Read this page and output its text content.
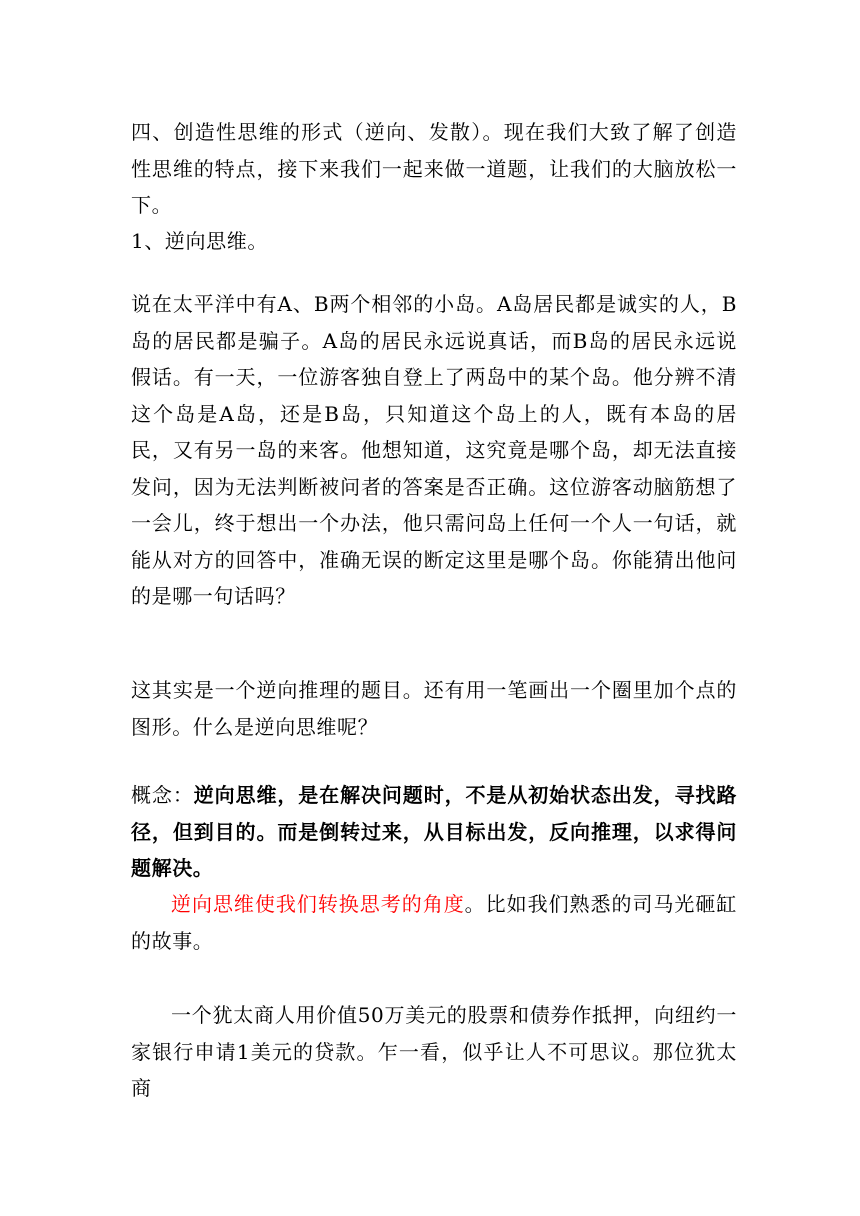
四、创造性思维的形式（逆向、发散）。现在我们大致了解了创造性思维的特点，接下来我们一起来做一道题，让我们的大脑放松一下。

1、逆向思维。

说在太平洋中有A、B两个相邻的小岛。A岛居民都是诚实的人，B岛的居民都是骗子。A岛的居民永远说真话，而B岛的居民永远说假话。有一天，一位游客独自登上了两岛中的某个岛。他分辨不清这个岛是A岛，还是B岛，只知道这个岛上的人，既有本岛的居民，又有另一岛的来客。他想知道，这究竟是哪个岛，却无法直接发问，因为无法判断被问者的答案是否正确。这位游客动脑筋想了一会儿，终于想出一个办法，他只需问岛上任何一个人一句话，就能从对方的回答中，准确无误的断定这里是哪个岛。你能猜出他问的是哪一句话吗？

这其实是一个逆向推理的题目。还有用一笔画出一个圈里加个点的图形。什么是逆向思维呢？

概念：逆向思维，是在解决问题时，不是从初始状态出发，寻找路径，但到目的。而是倒转过来，从目标出发，反向推理，以求得问题解决。

逆向思维使我们转换思考的角度。比如我们熟悉的司马光砸缸的故事。

一个犹太商人用价值50万美元的股票和债券作抵押，向纽约一家银行申请1美元的贷款。乍一看，似乎让人不可思议。那位犹太商
